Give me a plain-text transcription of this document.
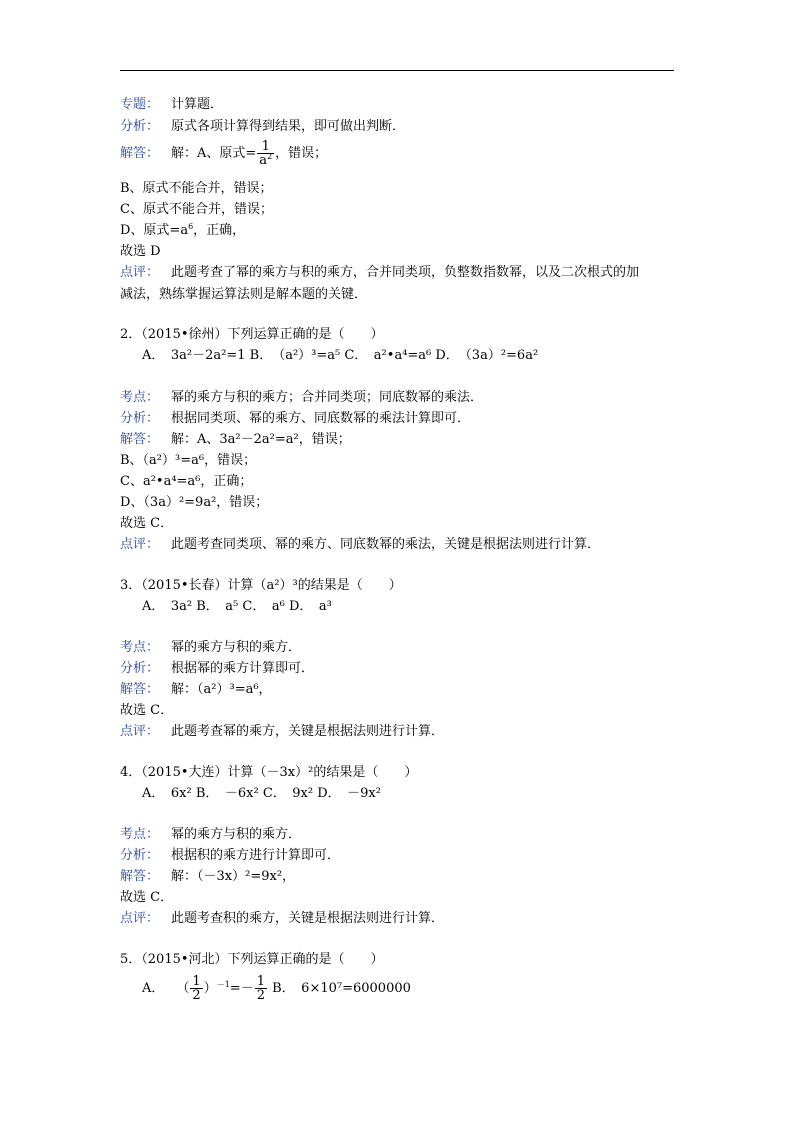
专题： 计算题．
分析： 原式各项计算得到结果，即可做出判断．
解答： 解：A、原式= $\frac{1}{a^2}$ ，错误；
B、原式不能合并，错误；
C、原式不能合并，错误；
D、原式$=a^6$，正确，
故选 D
点评： 此题考查了幂的乘方与积的乘方，合并同类项，负整数指数幂，以及二次根式的加
减法，熟练掌握运算法则是解本题的关键．
2．（2015•徐州）下列运算正确的是（　　）
A．　3a²－2a²=1 B．　（a²）³=a⁵ C．　a²•a⁴=a⁶ D．　（3a）²=6a²
考点： 幂的乘方与积的乘方；合并同类项；同底数幂的乘法．
分析： 根据同类项、幂的乘方、同底数幂的乘法计算即可．
解答： 解：A、3a²－2a²=a²，错误；
B、（a²）³=a⁶，错误；
C、a²•a⁴=a⁶，正确；
D、（3a）²=9a²，错误；
故选 C．
点评： 此题考查同类项、幂的乘方、同底数幂的乘法，关键是根据法则进行计算．
3．（2015•长春）计算（a²）³的结果是（　　）
A．　3a² B．　a⁵ C．　a⁶ D．　a³
考点： 幂的乘方与积的乘方．
分析： 根据幂的乘方计算即可．
解答： 解：（a²）³=a⁶，
故选 C．
点评： 此题考查幂的乘方，关键是根据法则进行计算．
4．（2015•大连）计算（－3x）²的结果是（　　）
A．　6x² B．　－6x² C．　9x² D．　－9x²
考点： 幂的乘方与积的乘方．
分析： 根据积的乘方进行计算即可．
解答： 解：（－3x）²=9x²，
故选 C．
点评： 此题考查积的乘方，关键是根据法则进行计算．
5．（2015•河北）下列运算正确的是（　　）
A． （ $\frac{1}{2} )^{-1}=- \frac{1}{2}$ B．　6×10⁷=6000000
